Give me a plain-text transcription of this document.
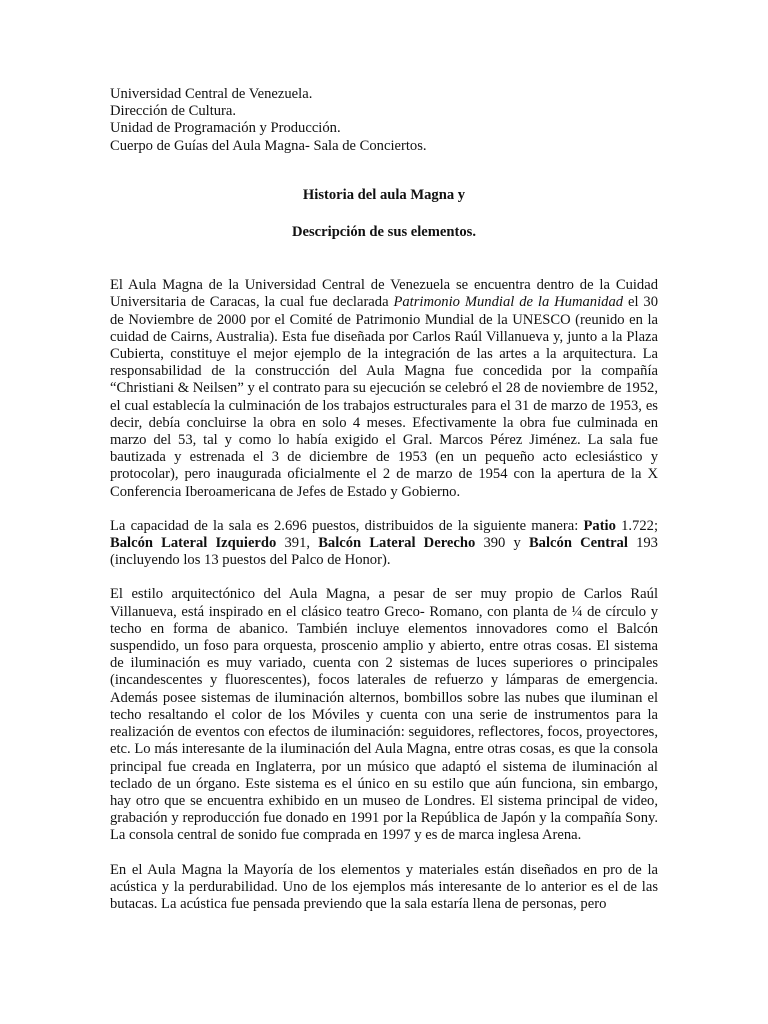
Universidad Central de Venezuela.
Dirección de Cultura.
Unidad de Programación y Producción.
Cuerpo de Guías del Aula Magna- Sala de Conciertos.
Historia del aula Magna y
Descripción de sus elementos.

El Aula Magna de la Universidad Central de Venezuela se encuentra dentro de la Cuidad Universitaria de Caracas, la cual fue declarada Patrimonio Mundial de la Humanidad el 30 de Noviembre de 2000 por el Comité de Patrimonio Mundial de la UNESCO (reunido en la cuidad de Cairns, Australia). Esta fue diseñada por Carlos Raúl Villanueva y, junto a la Plaza Cubierta, constituye el mejor ejemplo de la integración de las artes a la arquitectura. La responsabilidad de la construcción del Aula Magna fue concedida por la compañía “Christiani & Neilsen” y el contrato para su ejecución se celebró el 28 de noviembre de 1952, el cual establecía la culminación de los trabajos estructurales para el 31 de marzo de 1953, es decir, debía concluirse la obra en solo 4 meses. Efectivamente la obra fue culminada en marzo del 53, tal y como lo había exigido el Gral. Marcos Pérez Jiménez. La sala fue bautizada y estrenada el 3 de diciembre de 1953 (en un pequeño acto eclesiástico y protocolar), pero inaugurada oficialmente el 2 de marzo de 1954 con la apertura de la X Conferencia Iberoamericana de Jefes de Estado y Gobierno.

La capacidad de la sala es 2.696 puestos, distribuidos de la siguiente manera: Patio 1.722; Balcón Lateral Izquierdo 391, Balcón Lateral Derecho 390 y Balcón Central 193 (incluyendo los 13 puestos del Palco de Honor).

El estilo arquitectónico del Aula Magna, a pesar de ser muy propio de Carlos Raúl Villanueva, está inspirado en el clásico teatro Greco- Romano, con planta de ¼ de círculo y techo en forma de abanico. También incluye elementos innovadores como el Balcón suspendido, un foso para orquesta, proscenio amplio y abierto, entre otras cosas. El sistema de iluminación es muy variado, cuenta con 2 sistemas de luces superiores o principales (incandescentes y fluorescentes), focos laterales de refuerzo y lámparas de emergencia. Además posee sistemas de iluminación alternos, bombillos sobre las nubes que iluminan el techo resaltando el color de los Móviles y cuenta con una serie de instrumentos para la realización de eventos con efectos de iluminación: seguidores, reflectores, focos, proyectores, etc. Lo más interesante de la iluminación del Aula Magna, entre otras cosas, es que la consola principal fue creada en Inglaterra, por un músico que adaptó el sistema de iluminación al teclado de un órgano. Este sistema es el único en su estilo que aún funciona, sin embargo, hay otro que se encuentra exhibido en un museo de Londres. El sistema principal de video, grabación y reproducción fue donado en 1991 por la República de Japón y la compañía Sony. La consola central de sonido fue comprada en 1997 y es de marca inglesa Arena.

En el Aula Magna la Mayoría de los elementos y materiales están diseñados en pro de la acústica y la perdurabilidad. Uno de los ejemplos más interesante de lo anterior es el de las butacas. La acústica fue pensada previendo que la sala estaría llena de personas, pero
